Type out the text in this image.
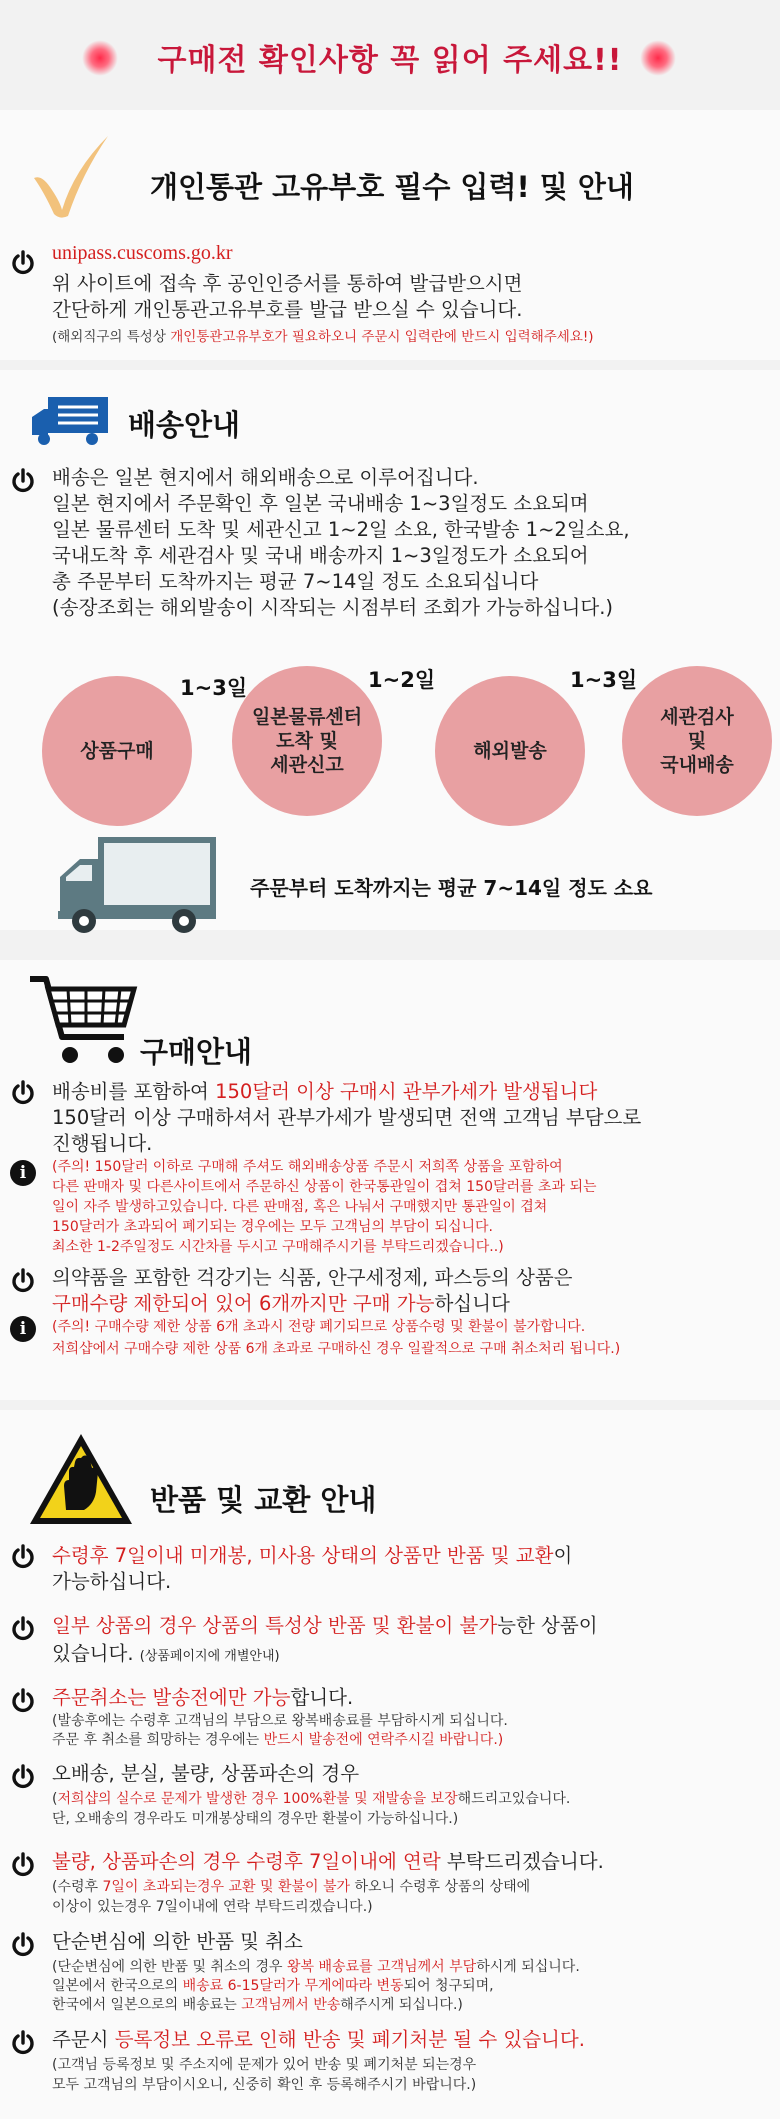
구매전 확인사항 꼭 읽어 주세요!!
개인통관 고유부호 필수 입력! 및 안내
unipass.cuscoms.go.kr
위 사이트에 접속 후 공인인증서를 통하여 발급받으시면
간단하게 개인통관고유부호를 발급 받으실 수 있습니다.
(해외직구의 특성상 개인통관고유부호가 필요하오니 주문시 입력란에 반드시 입력해주세요!)
배송안내
배송은 일본 현지에서 해외배송으로 이루어집니다.
일본 현지에서 주문확인 후 일본 국내배송 1~3일정도 소요되며
일본 물류센터 도착 및 세관신고 1~2일 소요, 한국발송 1~2일소요,
국내도착 후 세관검사 및 국내 배송까지 1~3일정도가 소요되어
총 주문부터 도착까지는 평균 7~14일 정도 소요되십니다
(송장조회는 해외발송이 시작되는 시점부터 조회가 가능하십니다.)
1~3일	1~2일	1~3일
상품구매
일본물류센터
도착 및
세관신고
해외발송
세관검사
및
국내배송
주문부터 도착까지는 평균 7~14일 정도 소요
구매안내
배송비를 포함하여 150달러 이상 구매시 관부가세가 발생됩니다
150달러 이상 구매하셔서 관부가세가 발생되면 전액 고객님 부담으로
진행됩니다.
i	(주의! 150달러 이하로 구매해 주셔도 해외배송상품 주문시 저희쪽 상품을 포함하여
다른 판매자 및 다른사이트에서 주문하신 상품이 한국통관일이 겹쳐 150달러를 초과 되는
일이 자주 발생하고있습니다. 다른 판매점, 혹은 나눠서 구매했지만 통관일이 겹쳐
150달러가 초과되어 폐기되는 경우에는 모두 고객님의 부담이 되십니다.
최소한 1-2주일정도 시간차를 두시고 구매해주시기를 부탁드리겠습니다..)
의약품을 포함한 걱강기는 식품, 안구세정제, 파스등의 상품은
구매수량 제한되어 있어 6개까지만 구매 가능하십니다
i	(주의! 구매수량 제한 상품 6개 초과시 전량 폐기되므로 상품수령 및 환불이 불가합니다.
저희샵에서 구매수량 제한 상품 6개 초과로 구매하신 경우 일괄적으로 구매 취소처리 됩니다.)
반품 및 교환 안내
수령후 7일이내 미개봉, 미사용 상태의 상품만 반품 및 교환이
가능하십니다.
일부 상품의 경우 상품의 특성상 반품 및 환불이 불가능한 상품이
있습니다. (상품페이지에 개별안내)
주문취소는 발송전에만 가능합니다.
(발송후에는 수령후 고객님의 부담으로 왕복배송료를 부담하시게 되십니다.
주문 후 취소를 희망하는 경우에는 반드시 발송전에 연락주시길 바랍니다.)
오배송, 분실, 불량, 상품파손의 경우
(저희샵의 실수로 문제가 발생한 경우 100%환불 및 재발송을 보장해드리고있습니다.
단, 오배송의 경우라도 미개봉상태의 경우만 환불이 가능하십니다.)
불량, 상품파손의 경우 수령후 7일이내에 연락 부탁드리겠습니다.
(수령후 7일이 초과되는경우 교환 및 환불이 불가 하오니 수령후 상품의 상태에
이상이 있는경우 7일이내에 연락 부탁드리겠습니다.)
단순변심에 의한 반품 및 취소
(단순변심에 의한 반품 및 취소의 경우 왕복 배송료를 고객님께서 부담하시게 되십니다.
일본에서 한국으로의 배송료 6-15달러가 무게에따라 변동되어 청구되며,
한국에서 일본으로의 배송료는 고객님께서 반송해주시게 되십니다.)
주문시 등록정보 오류로 인해 반송 및 폐기처분 될 수 있습니다.
(고객님 등록정보 및 주소지에 문제가 있어 반송 및 폐기처분 되는경우
모두 고객님의 부담이시오니, 신중히 확인 후 등록해주시기 바랍니다.)
